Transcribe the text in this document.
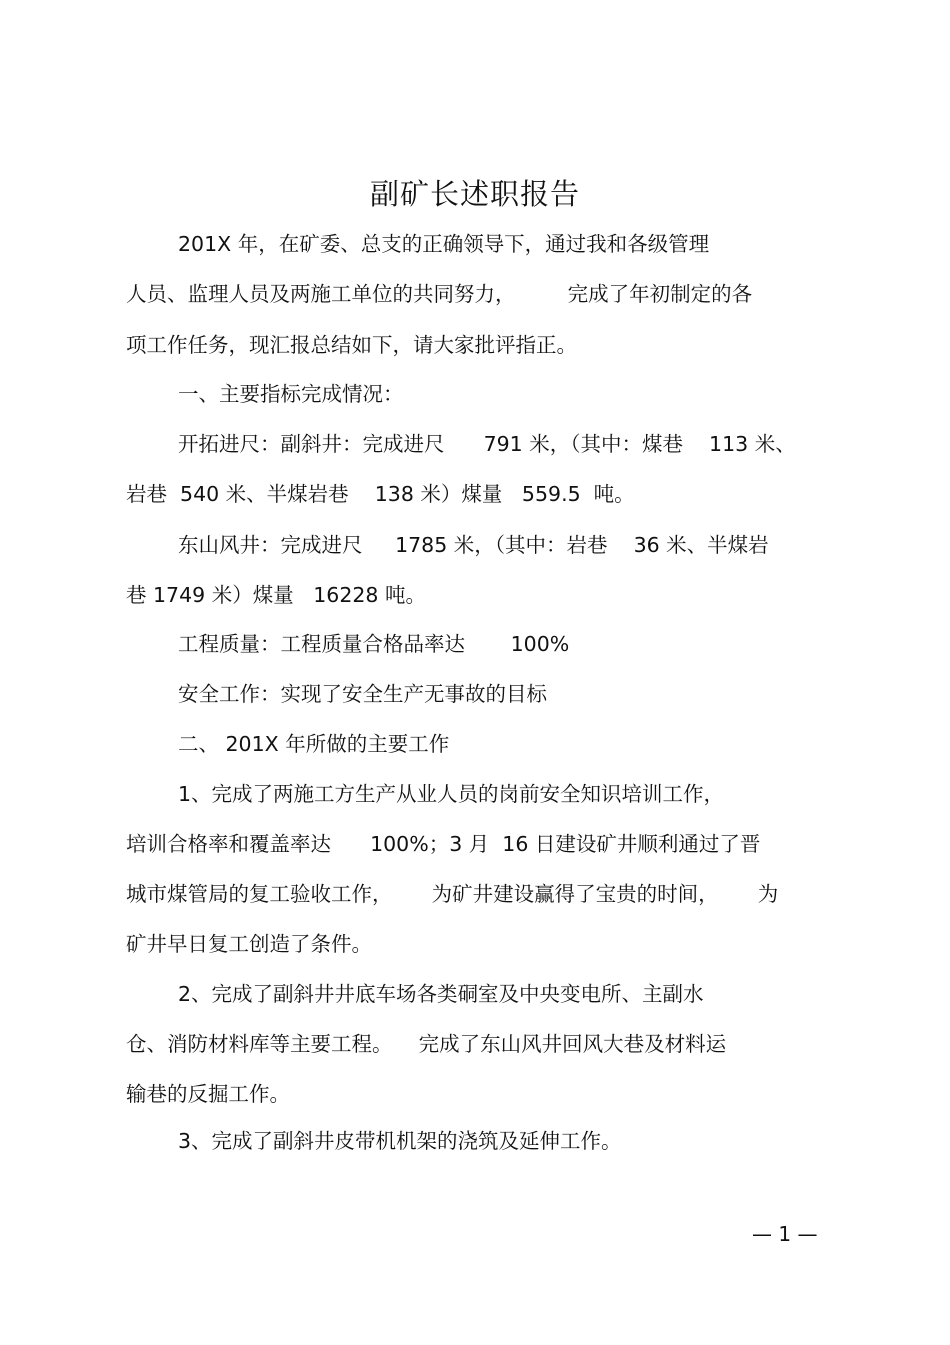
副矿长述职报告
201X 年，在矿委、总支的正确领导下，通过我和各级管理
人员、监理人员及两施工单位的共同努力，        完成了年初制定的各
项工作任务，现汇报总结如下，请大家批评指正。
一、主要指标完成情况：
开拓进尺：副斜井：完成进尺      791 米，（其中：煤巷    113 米、
岩巷  540 米、半煤岩巷    138 米）煤量   559.5  吨。
东山风井：完成进尺     1785 米，（其中：岩巷    36 米、半煤岩
巷 1749 米）煤量   16228 吨。
工程质量：工程质量合格品率达       100%
安全工作：实现了安全生产无事故的目标
二、 201X 年所做的主要工作
1、完成了两施工方生产从业人员的岗前安全知识培训工作，
培训合格率和覆盖率达      100%；3 月  16 日建设矿井顺利通过了晋
城市煤管局的复工验收工作，      为矿井建设赢得了宝贵的时间，      为
矿井早日复工创造了条件。
2、完成了副斜井井底车场各类硐室及中央变电所、主副水
仓、消防材料库等主要工程。    完成了东山风井回风大巷及材料运
输巷的反掘工作。
3、完成了副斜井皮带机机架的浇筑及延伸工作。
— 1 —
